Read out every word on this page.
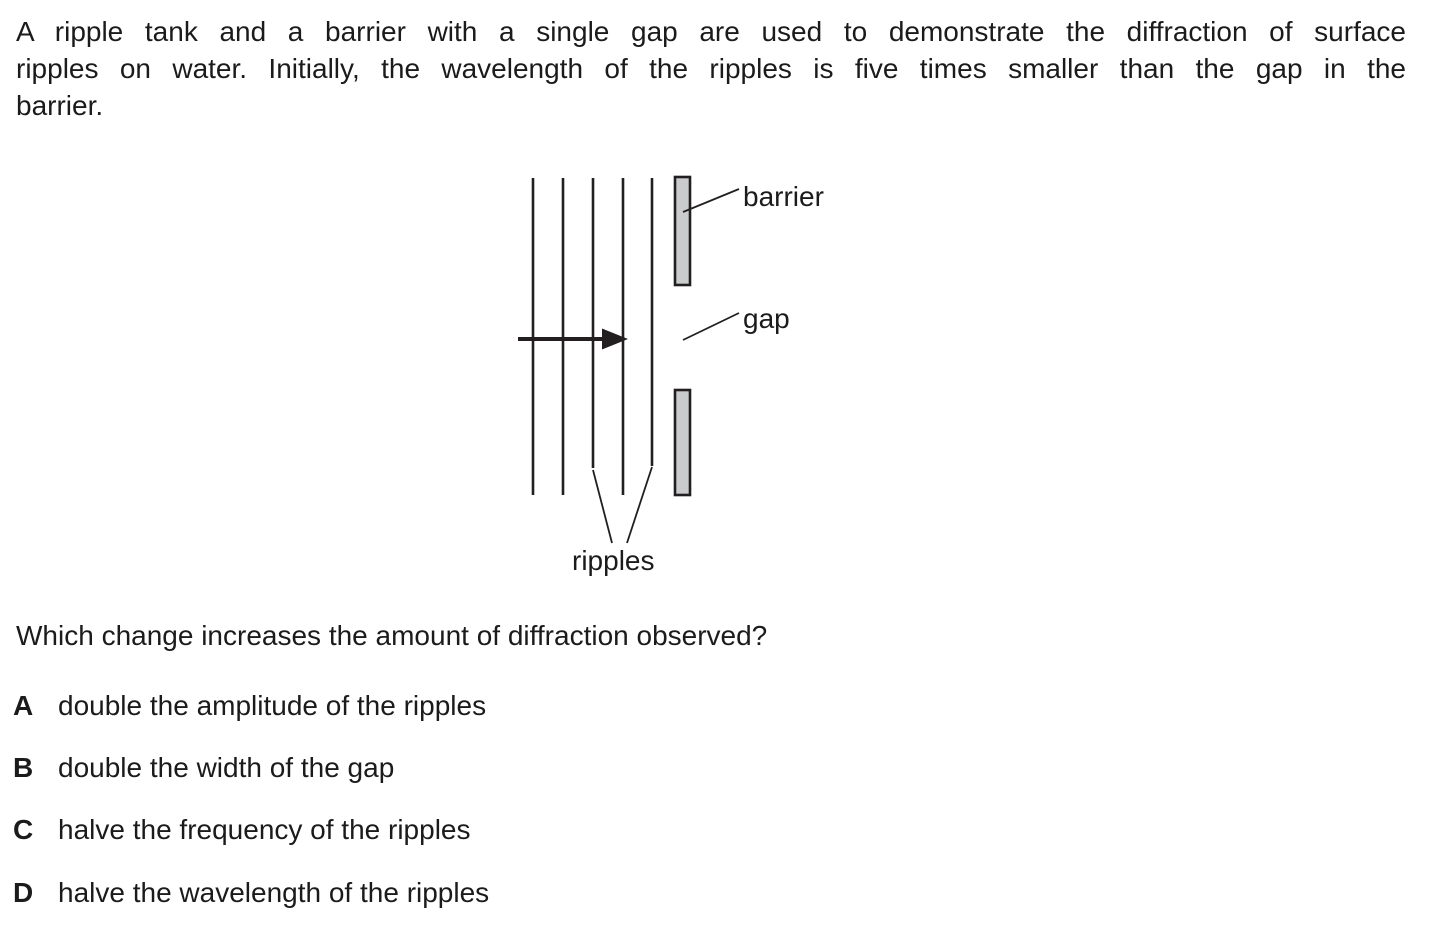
A ripple tank and a barrier with a single gap are used to demonstrate the diffraction of surface
ripples on water. Initially, the wavelength of the ripples is five times smaller than the gap in the
barrier.
barrier
gap
ripples
Which change increases the amount of diffraction observed?
A double the amplitude of the ripples
B double the width of the gap
C halve the frequency of the ripples
D halve the wavelength of the ripples
